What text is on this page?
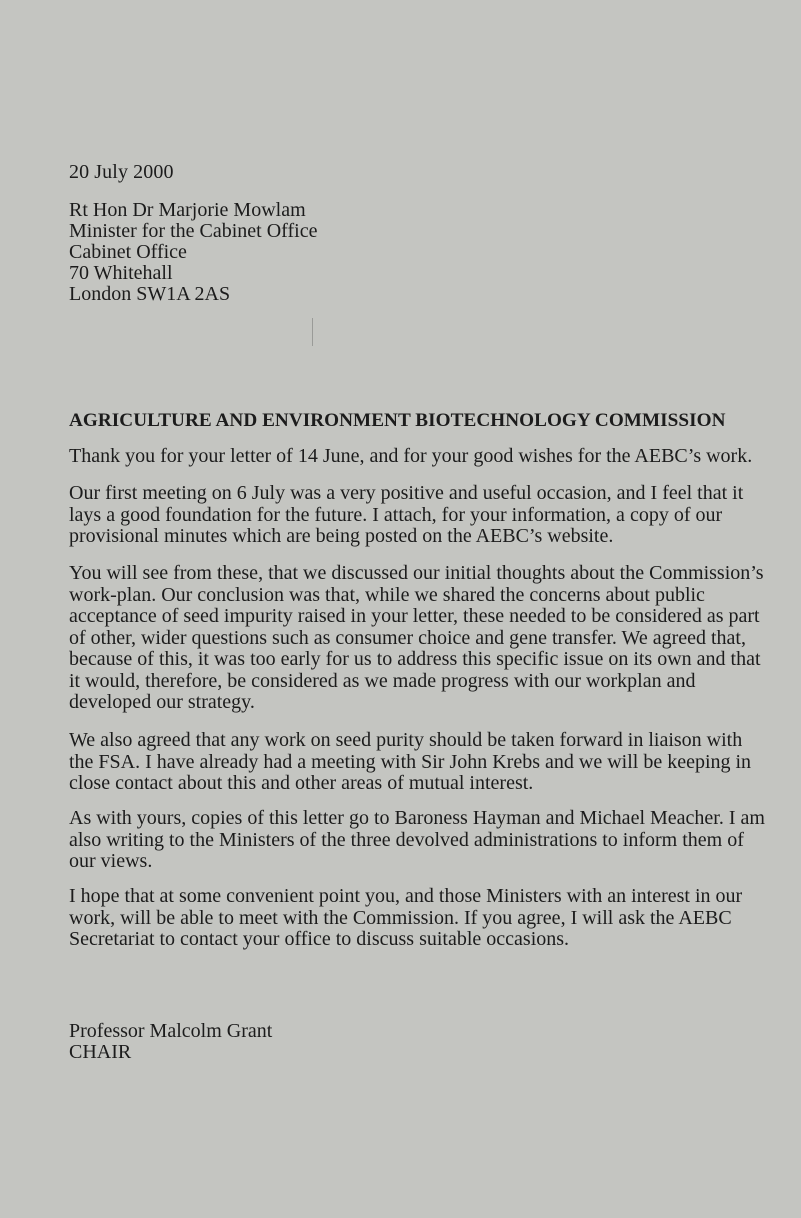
20 July 2000
Rt Hon Dr Marjorie Mowlam
Minister for the Cabinet Office
Cabinet Office
70 Whitehall
London SW1A 2AS
AGRICULTURE AND ENVIRONMENT BIOTECHNOLOGY COMMISSION

Thank you for your letter of 14 June, and for your good wishes for the AEBC’s work.

Our first meeting on 6 July was a very positive and useful occasion, and I feel that it lays a good foundation for the future. I attach, for your information, a copy of our provisional minutes which are being posted on the AEBC’s website.

You will see from these, that we discussed our initial thoughts about the Commission’s work-plan. Our conclusion was that, while we shared the concerns about public acceptance of seed impurity raised in your letter, these needed to be considered as part of other, wider questions such as consumer choice and gene transfer. We agreed that, because of this, it was too early for us to address this specific issue on its own and that it would, therefore, be considered as we made progress with our workplan and developed our strategy.

We also agreed that any work on seed purity should be taken forward in liaison with the FSA. I have already had a meeting with Sir John Krebs and we will be keeping in close contact about this and other areas of mutual interest.

As with yours, copies of this letter go to Baroness Hayman and Michael Meacher. I am also writing to the Ministers of the three devolved administrations to inform them of our views.

I hope that at some convenient point you, and those Ministers with an interest in our work, will be able to meet with the Commission. If you agree, I will ask the AEBC Secretariat to contact your office to discuss suitable occasions.

Professor Malcolm Grant
CHAIR
